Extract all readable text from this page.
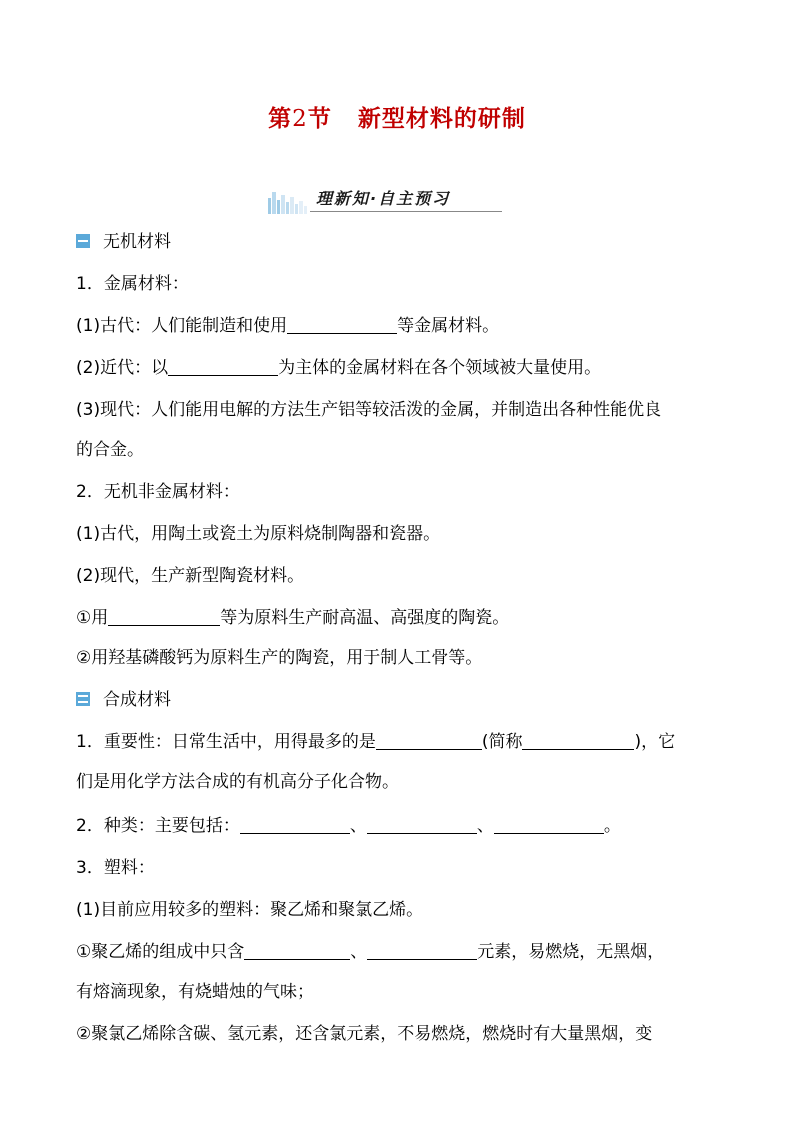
第2节 新型材料的研制
理新知·自主预习
无机材料
1．金属材料：
(1)古代：人们能制造和使用	等金属材料。
(2)近代：以	为主体的金属材料在各个领域被大量使用。
(3)现代：人们能用电解的方法生产铝等较活泼的金属，并制造出各种性能优良
的合金。
2．无机非金属材料：
(1)古代，用陶土或瓷土为原料烧制陶器和瓷器。
(2)现代，生产新型陶瓷材料。
①用	等为原料生产耐高温、高强度的陶瓷。
②用羟基磷酸钙为原料生产的陶瓷，用于制人工骨等。
合成材料
1．重要性：日常生活中，用得最多的是	(简称	)，它
们是用化学方法合成的有机高分子化合物。
2．种类：主要包括：	、	、	。
3．塑料：
(1)目前应用较多的塑料：聚乙烯和聚氯乙烯。
①聚乙烯的组成中只含	、	元素，易燃烧，无黑烟，
有熔滴现象，有烧蜡烛的气味；
②聚氯乙烯除含碳、氢元素，还含氯元素，不易燃烧，燃烧时有大量黑烟，变
